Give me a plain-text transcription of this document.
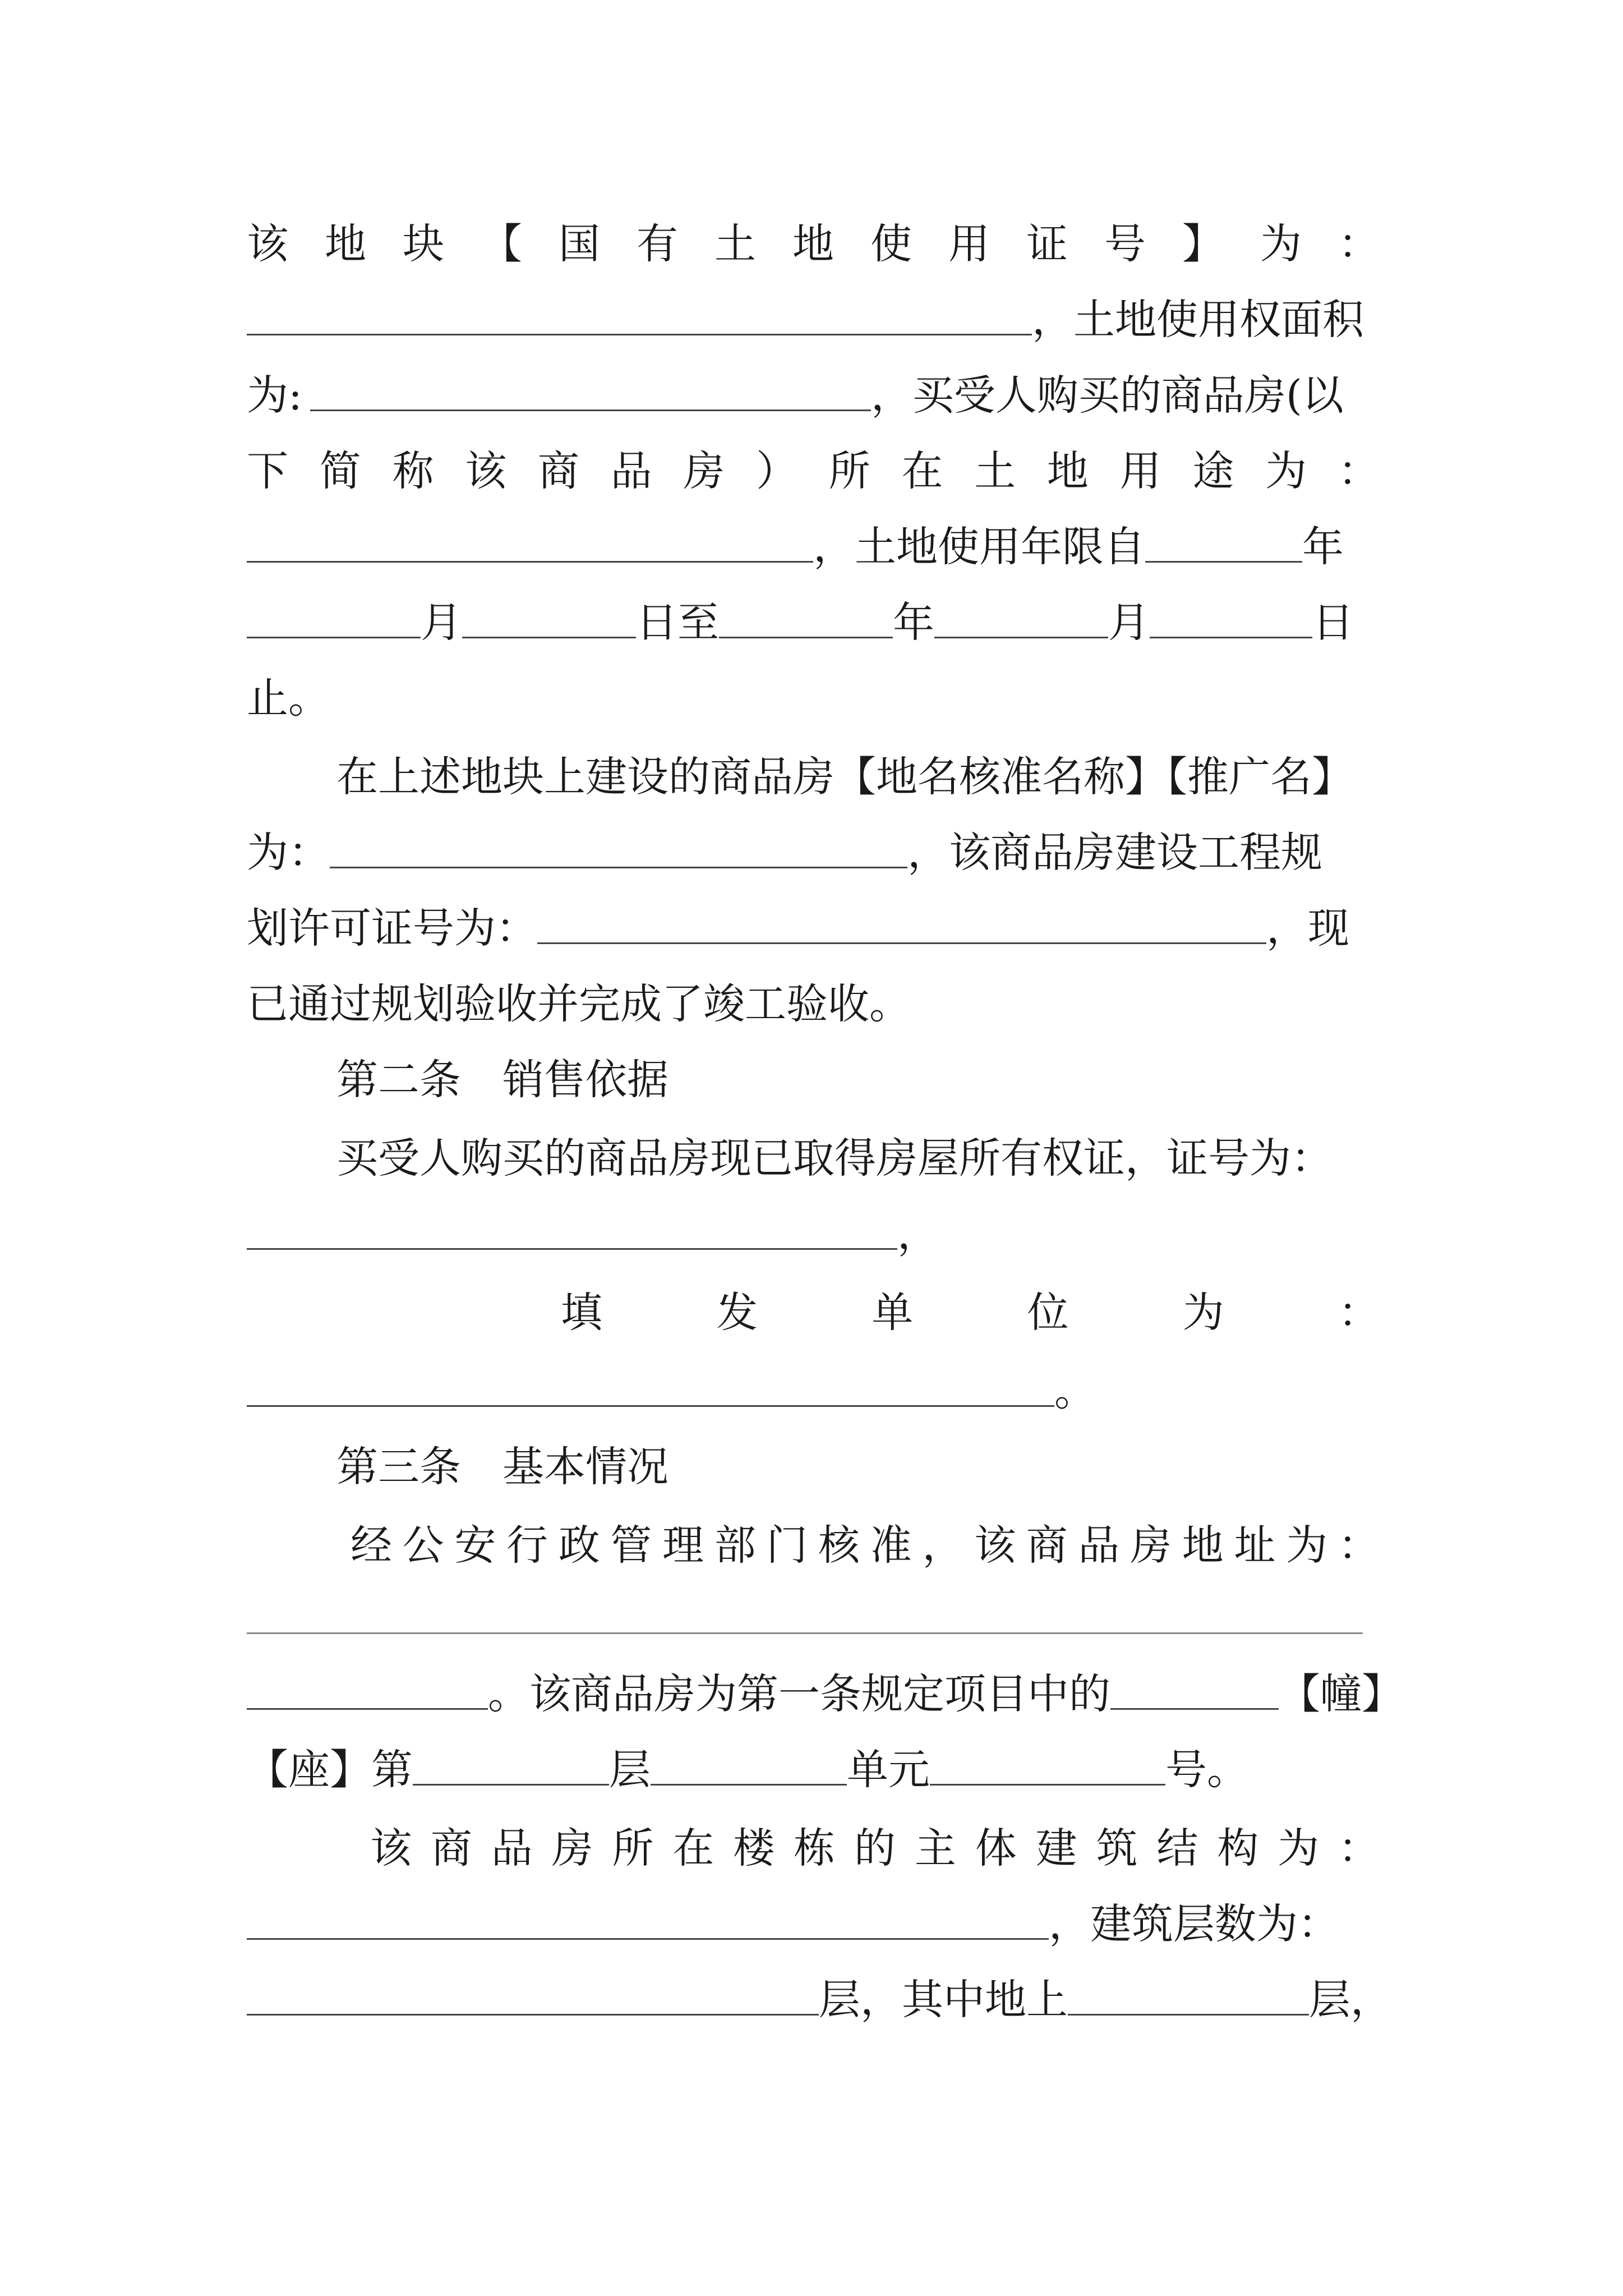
该 地 块 【 国 有 土 地 使 用 证 号 】 为 ：
，土地使用权面积
为:	，买受人购买的商品房(以
下 简 称 该 商 品 房 ） 所 在 土 地 用 途 为 ：
，土地使用年限自	年
月	日至	年	月	日
止。
在上述地块上建设的商品房【地名核准名称】【推广名】
为：	，该商品房建设工程规
划许可证号为：	，现
已通过规划验收并完成了竣工验收。
第二条　销售依据
买受人购买的商品房现已取得房屋所有权证，证号为：
，
填	发	单	位	为	：
。
第三条　基本情况
经 公 安 行 政 管 理 部 门 核 准 ， 该 商 品 房 地 址 为 ：
。该商品房为第一条规定项目中的	【幢】
【座】第	层	单元	号。
该 商 品 房 所 在 楼 栋 的 主 体 建 筑 结 构 为 ：
，建筑层数为：
层，其中地上	层，
